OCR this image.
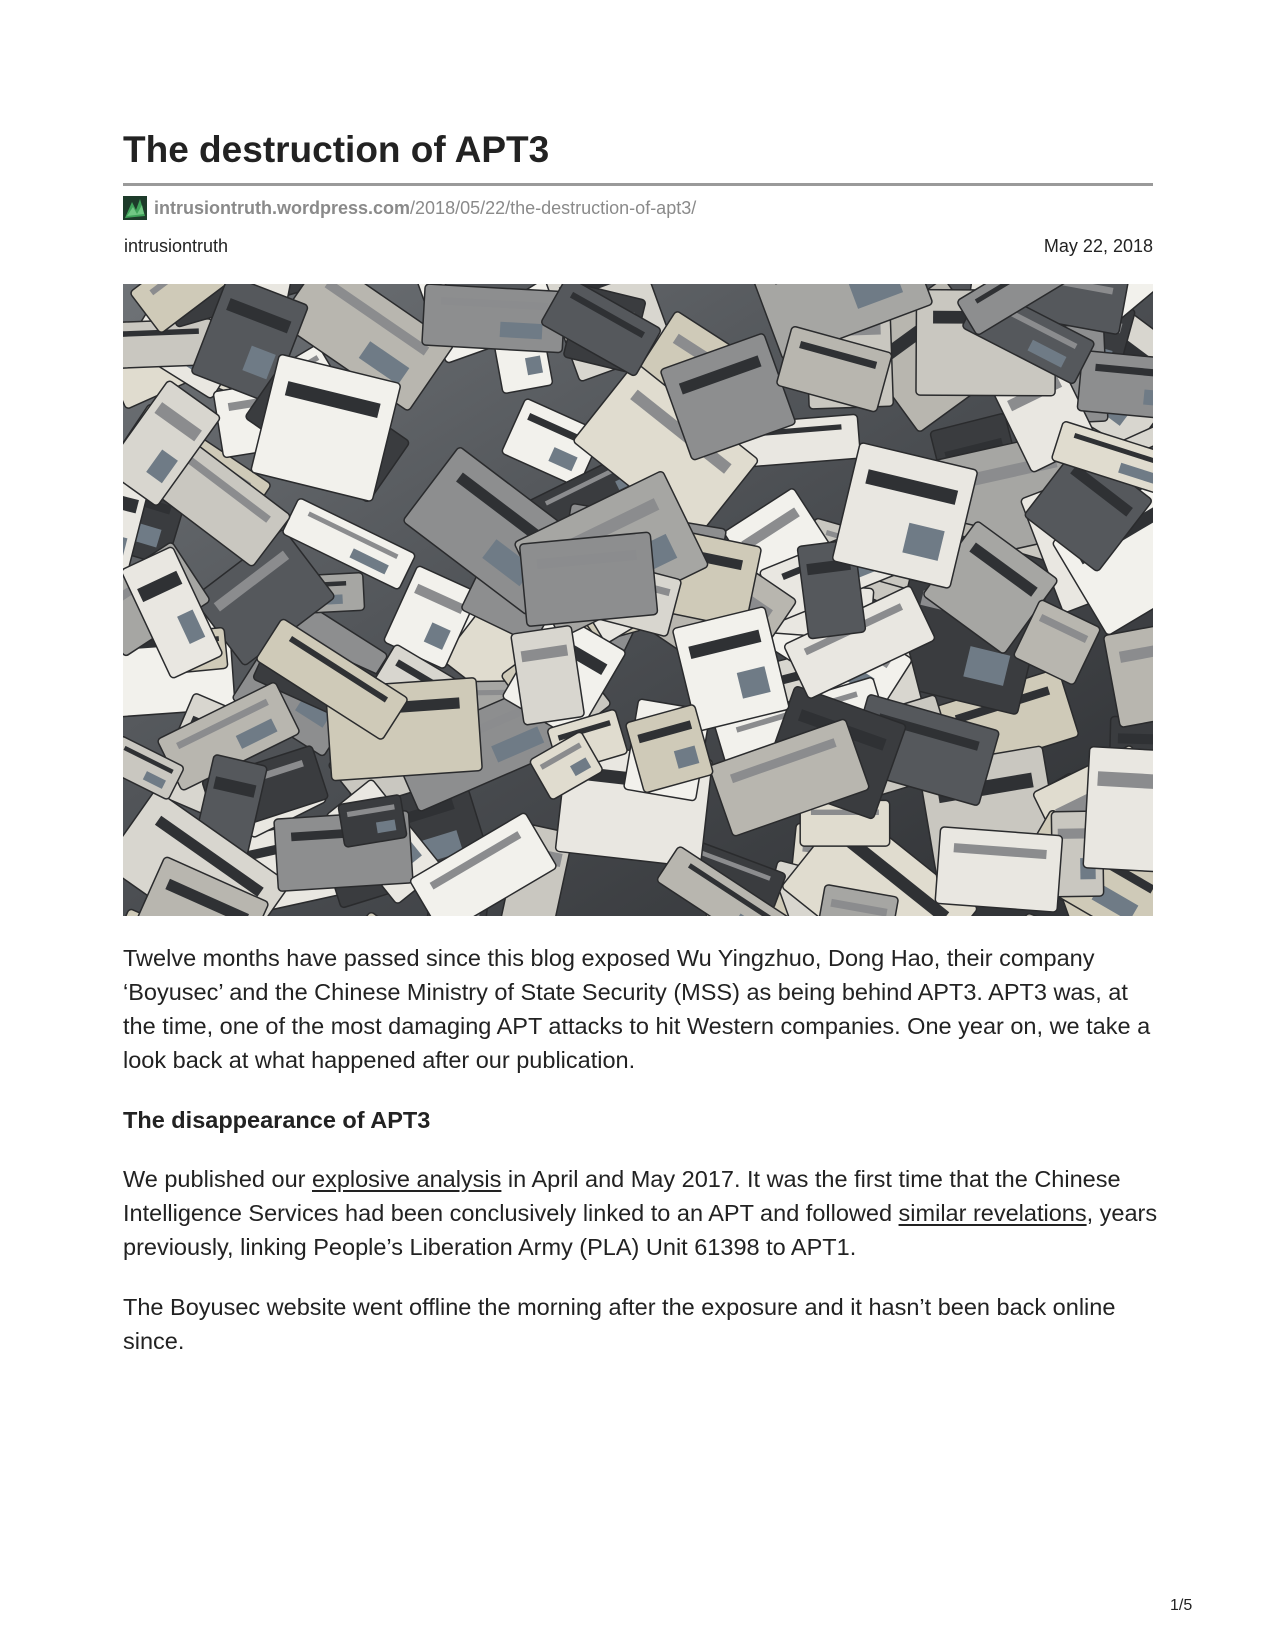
The destruction of APT3
intrusiontruth.wordpress.com /2018/05/22/the-destruction-of-apt3/
intrusiontruth	May 22, 2018

Twelve months have passed since this blog exposed Wu Yingzhuo, Dong Hao, their company ‘Boyusec’ and the Chinese Ministry of State Security (MSS) as being behind APT3. APT3 was, at the time, one of the most damaging APT attacks to hit Western companies. One year on, we take a look back at what happened after our publication.

The disappearance of APT3

We published our explosive analysis in April and May 2017. It was the first time that the Chinese Intelligence Services had been conclusively linked to an APT and followed similar revelations, years previously, linking People’s Liberation Army (PLA) Unit 61398 to APT1.

The Boyusec website went offline the morning after the exposure and it hasn’t been back online since.

1/5
